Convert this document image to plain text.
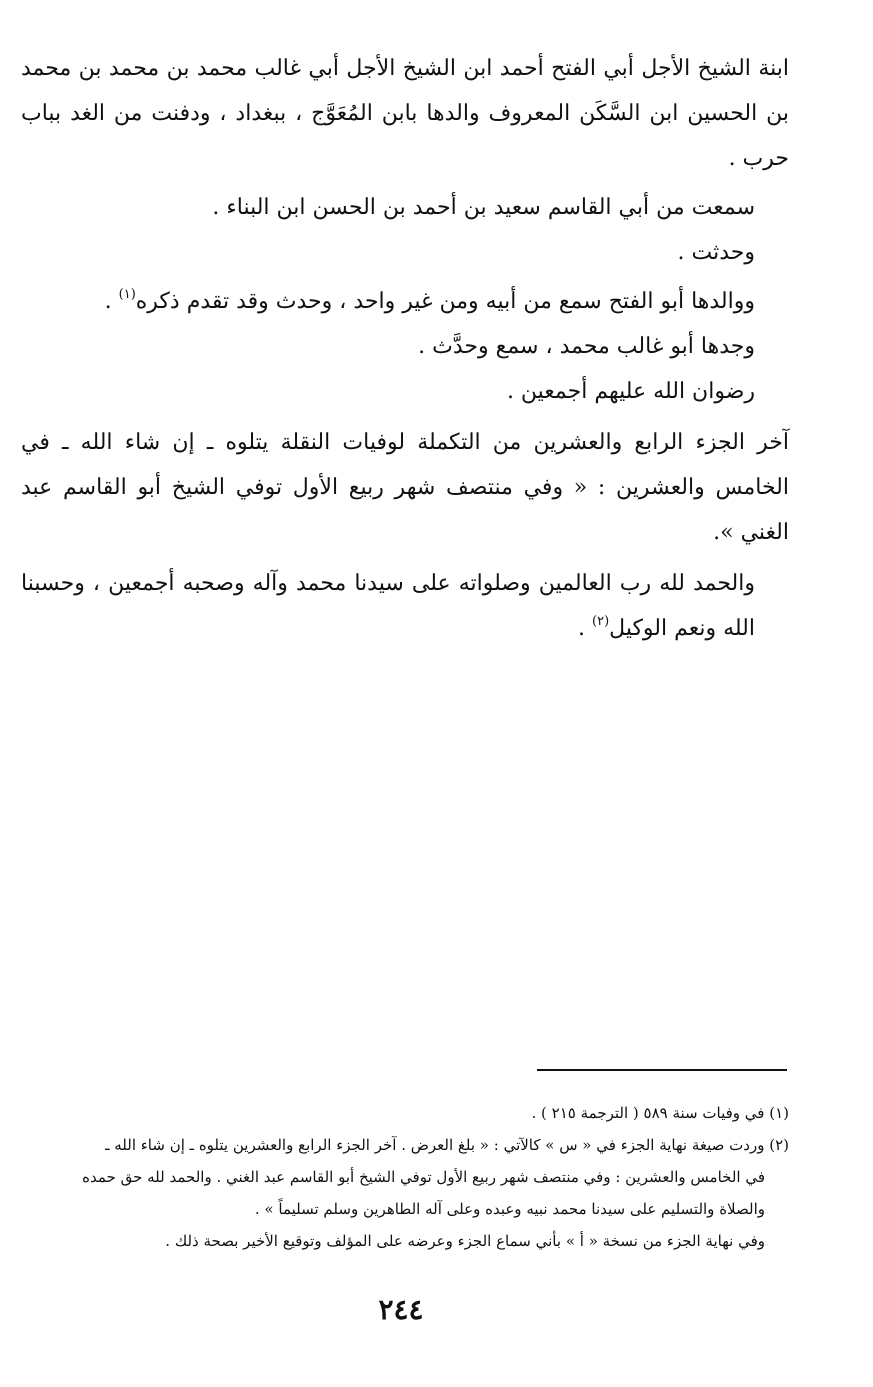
ابنة الشيخ الأجل أبي الفتح أحمد ابن الشيخ الأجل أبي غالب محمد بن محمد بن محمد بن الحسين ابن السَّكَن المعروف والدها بابن المُعَوَّج ، ببغداد ، ودفنت من الغد بباب حرب .

سمعت من أبي القاسم سعيد بن أحمد بن الحسن ابن البناء .

وحدثت .

ووالدها أبو الفتح سمع من أبيه ومن غير واحد ، وحدث وقد تقدم ذكره$^{(١)}$ .

وجدها أبو غالب محمد ، سمع وحدَّث .

رضوان الله عليهم أجمعين .

آخر الجزء الرابع والعشرين من التكملة لوفيات النقلة يتلوه ـ إن شاء الله ـ في الخامس والعشرين : « وفي منتصف شهر ربيع الأول توفي الشيخ أبو القاسم عبد الغني ».

والحمد لله رب العالمين وصلواته على سيدنا محمد وآله وصحبه أجمعين ، وحسبنا الله ونعم الوكيل$^{(٢)}$ .

(١) في وفيات سنة ٥٨٩ ( الترجمة ٢١٥ ) .

(٢) وردت صيغة نهاية الجزء في « س » كالآتي : « بلغ العرض . آخر الجزء الرابع والعشرين يتلوه ـ إن شاء الله ـ

في الخامس والعشرين : وفي منتصف شهر ربيع الأول توفي الشيخ أبو القاسم عبد الغني . والحمد لله حق حمده

والصلاة والتسليم على سيدنا محمد نبيه وعبده وعلى آله الطاهرين وسلم تسليماً » .

وفي نهاية الجزء من نسخة « أ » بأني سماع الجزء وعرضه على المؤلف وتوقيع الأخير بصحة ذلك .

٢٤٤
